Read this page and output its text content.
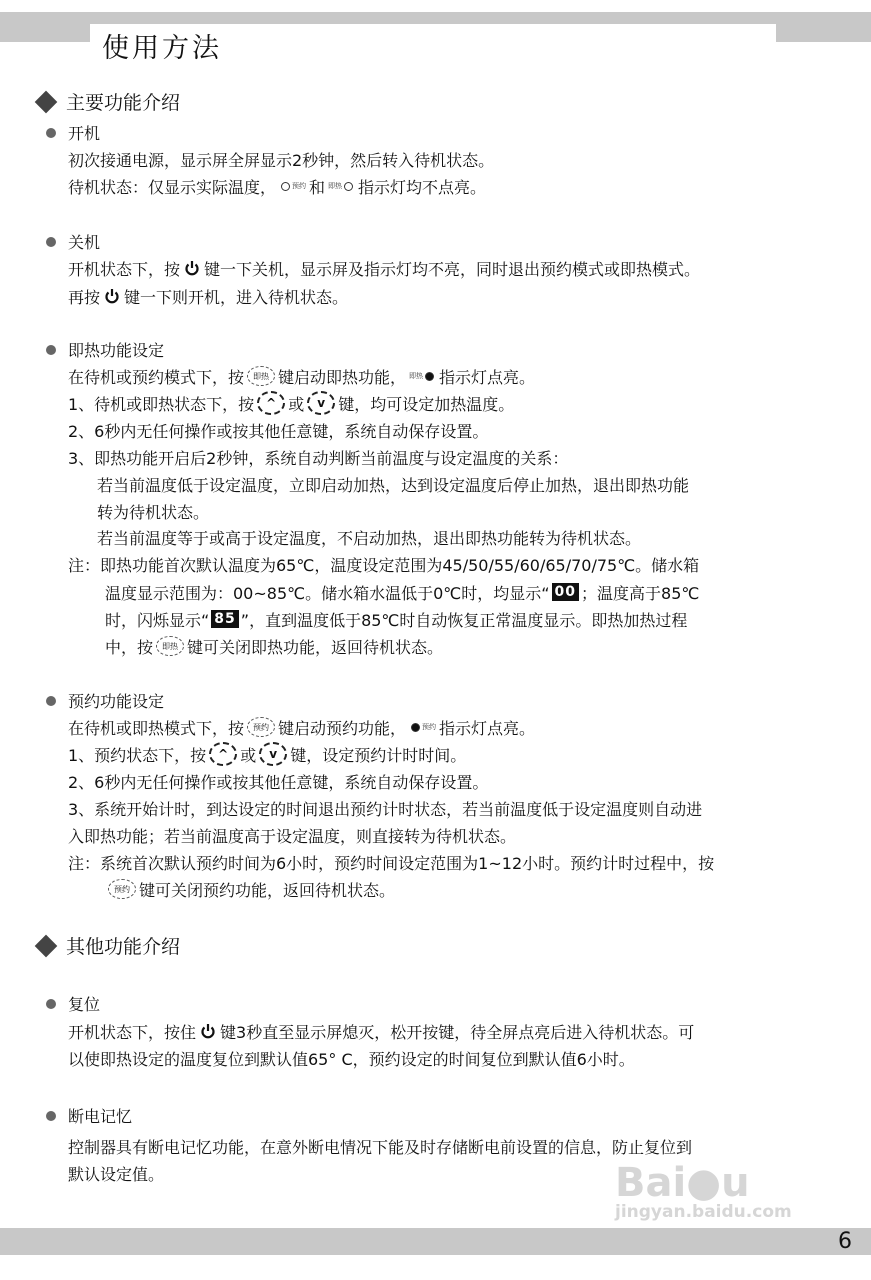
使用方法
主要功能介绍
其他功能介绍
开机
关机
即热功能设定
预约功能设定
复位
断电记忆
初次接通电源，显示屏全屏显示2秒钟，然后转入待机状态。
待机状态：仅显示实际温度， 预约 和 即热 指示灯均不点亮。
开机状态下，按 键一下关机，显示屏及指示灯均不亮，同时退出预约模式或即热模式。
再按 键一下则开机，进入待机状态。
在待机或预约模式下，按	即热 键启动即热功能， 即热 指示灯点亮。
1、待机或即热状态下，按 ^ 或	v 键，均可设定加热温度。
2、6秒内无任何操作或按其他任意键，系统自动保存设置。
3、即热功能开启后2秒钟，系统自动判断当前温度与设定温度的关系：
若当前温度低于设定温度，立即启动加热，达到设定温度后停止加热，退出即热功能
转为待机状态。
若当前温度等于或高于设定温度，不启动加热，退出即热功能转为待机状态。
注：即热功能首次默认温度为65℃，温度设定范围为45/50/55/60/65/70/75℃。储水箱
温度显示范围为：00~85℃。储水箱水温低于0℃时，均显示“ 00 ；温度高于85℃
时，闪烁显示“ 85 ”，直到温度低于85℃时自动恢复正常温度显示。即热加热过程
中，按	即热 键可关闭即热功能，返回待机状态。
在待机或即热模式下，按	预约 键启动预约功能， 预约 指示灯点亮。
1、预约状态下，按 ^ 或	v 键，设定预约计时时间。
2、6秒内无任何操作或按其他任意键，系统自动保存设置。
3、系统开始计时，到达设定的时间退出预约计时状态，若当前温度低于设定温度则自动进
入即热功能；若当前温度高于设定温度，则直接转为待机状态。
注：系统首次默认预约时间为6小时，预约时间设定范围为1~12小时。预约计时过程中，按
预约 键可关闭预约功能，返回待机状态。
开机状态下，按住 键3秒直至显示屏熄灭，松开按键，待全屏点亮后进入待机状态。可
以使即热设定的温度复位到默认值65° C，预约设定的时间复位到默认值6小时。
控制器具有断电记忆功能，在意外断电情况下能及时存储断电前设置的信息，防止复位到
默认设定值。	Bai●u
jingyan.baidu.com
6
